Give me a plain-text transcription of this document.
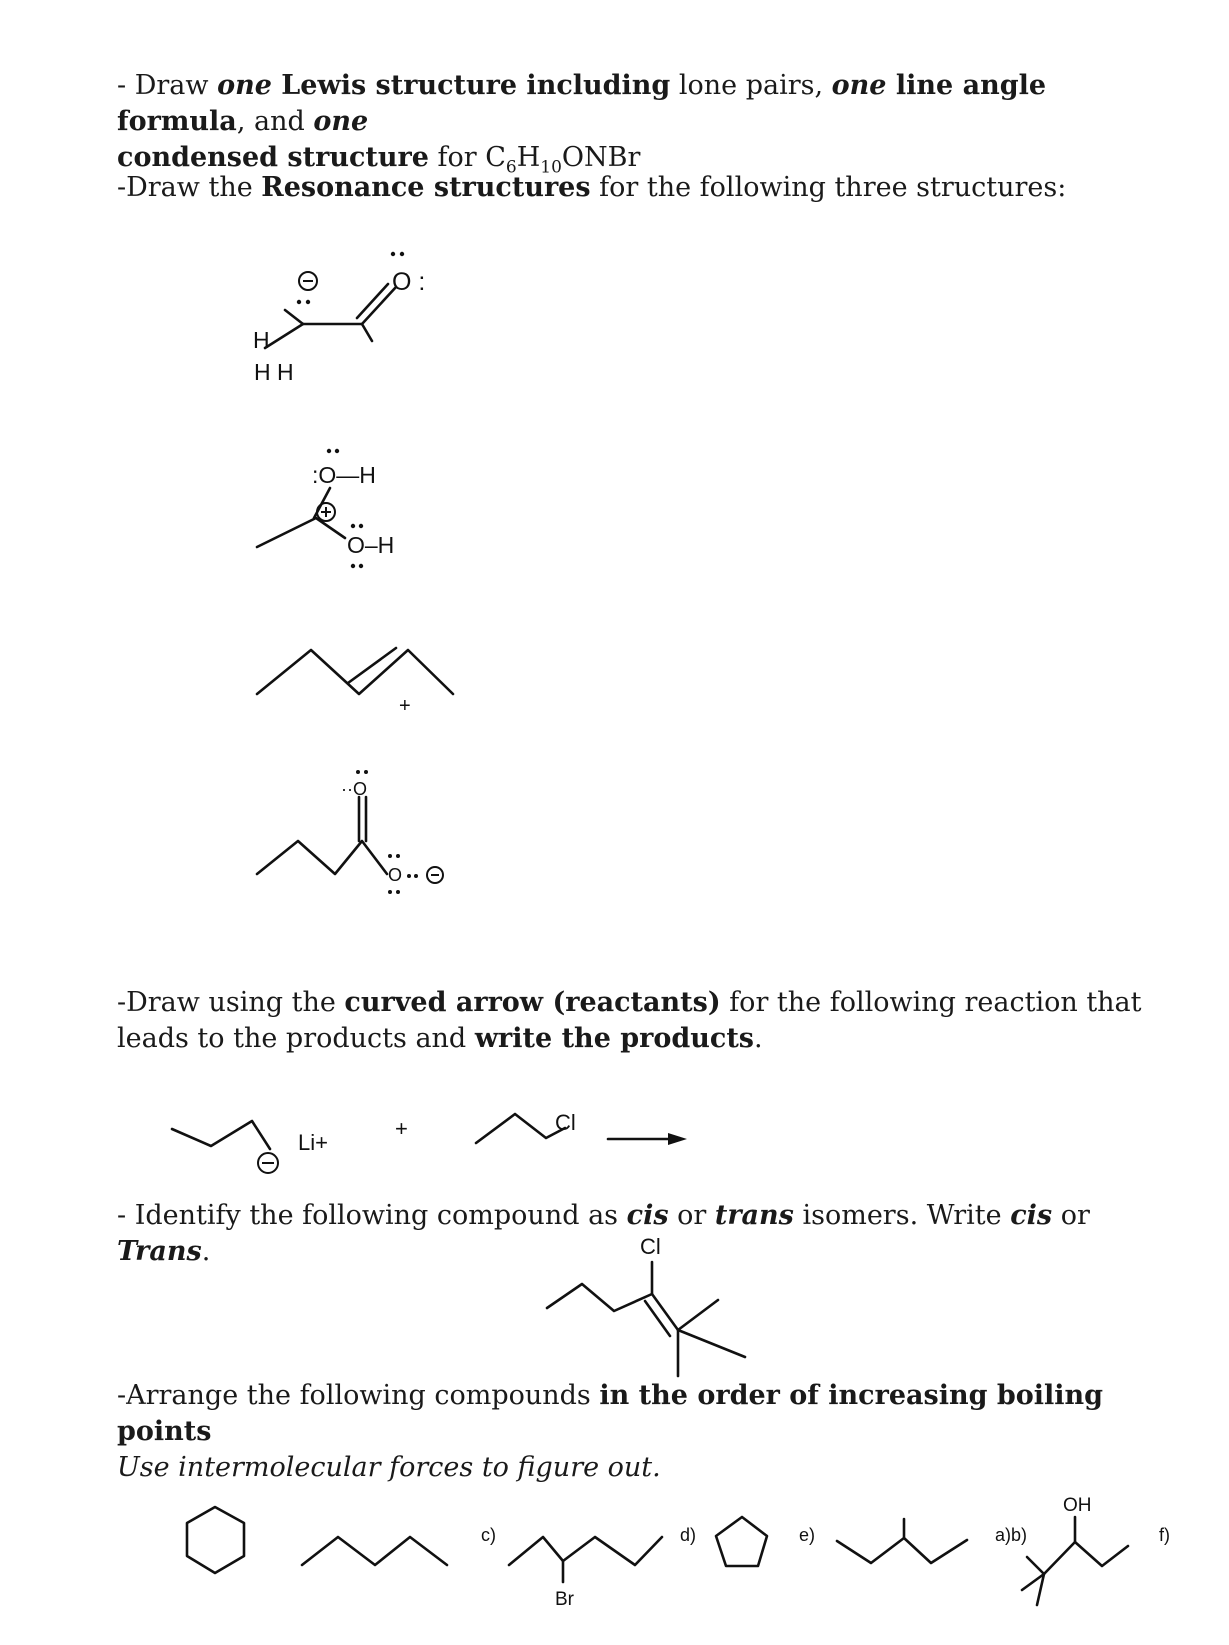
- Draw one Lewis structure including lone pairs, one line angle formula, and one
condensed structure for $C_6H_{10}ONBr$
-Draw the Resonance structures for the following three structures:
-Draw using the curved arrow (reactants) for the following reaction that leads to the products and write the products.
- Identify the following compound as cis or trans isomers. Write cis or Trans.
-Arrange the following compounds in the order of increasing boiling points
Use intermolecular forces to figure out.
O :
H
H H
:O—H
O–H
+
··O
O
Li+
+	Cl
Cl
c)
Br
d)	e)	a)b)
OH
f)
